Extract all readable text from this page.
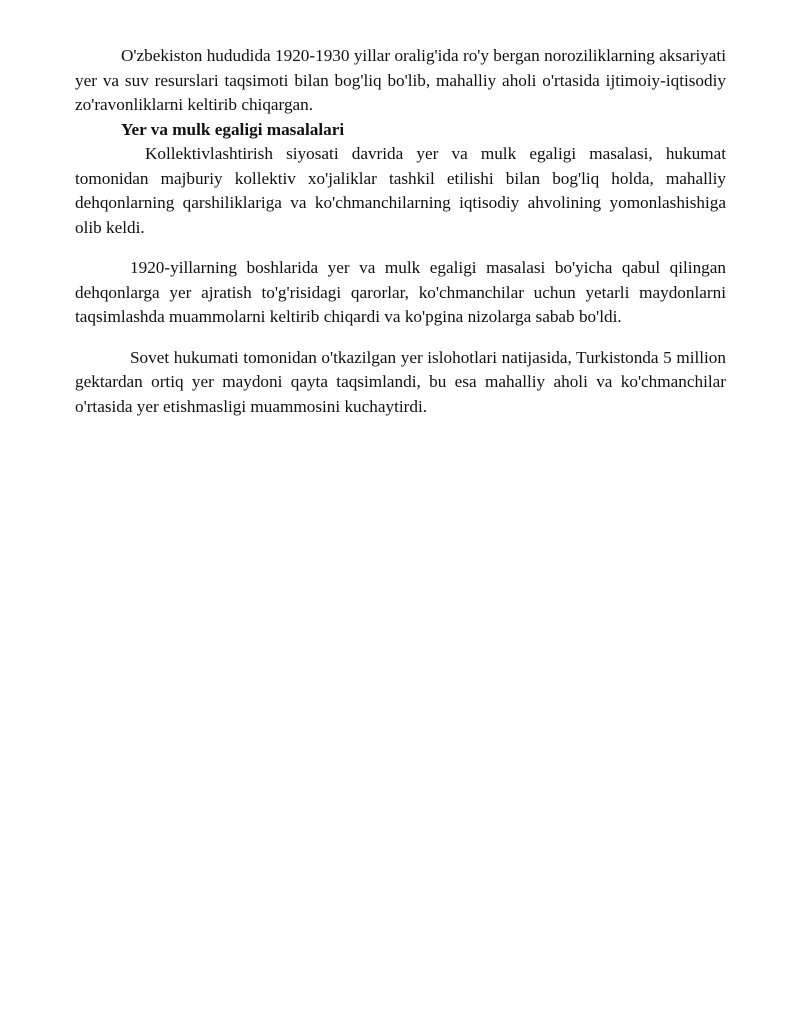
O'zbekiston hududida 1920-1930 yillar oralig'ida ro'y bergan noroziliklarning aksariyati yer va suv resurslari taqsimoti bilan bog'liq bo'lib, mahalliy aholi o'rtasida ijtimoiy-iqtisodiy zo'ravonliklarni keltirib chiqargan.

Yer va mulk egaligi masalalari

Kollektivlashtirish siyosati davrida yer va mulk egaligi masalasi, hukumat tomonidan majburiy kollektiv xo'jaliklar tashkil etilishi bilan bog'liq holda, mahalliy dehqonlarning qarshiliklariga va ko'chmanchilarning iqtisodiy ahvolining yomonlashishiga olib keldi.

1920-yillarning boshlarida yer va mulk egaligi masalasi bo'yicha qabul qilingan dehqonlarga yer ajratish to'g'risidagi qarorlar, ko'chmanchilar uchun yetarli maydonlarni taqsimlashda muammolarni keltirib chiqardi va ko'pgina nizolarga sabab bo'ldi.

Sovet hukumati tomonidan o'tkazilgan yer islohotlari natijasida, Turkistonda 5 million gektardan ortiq yer maydoni qayta taqsimlandi, bu esa mahalliy aholi va ko'chmanchilar o'rtasida yer etishmasligi muammosini kuchaytirdi.
